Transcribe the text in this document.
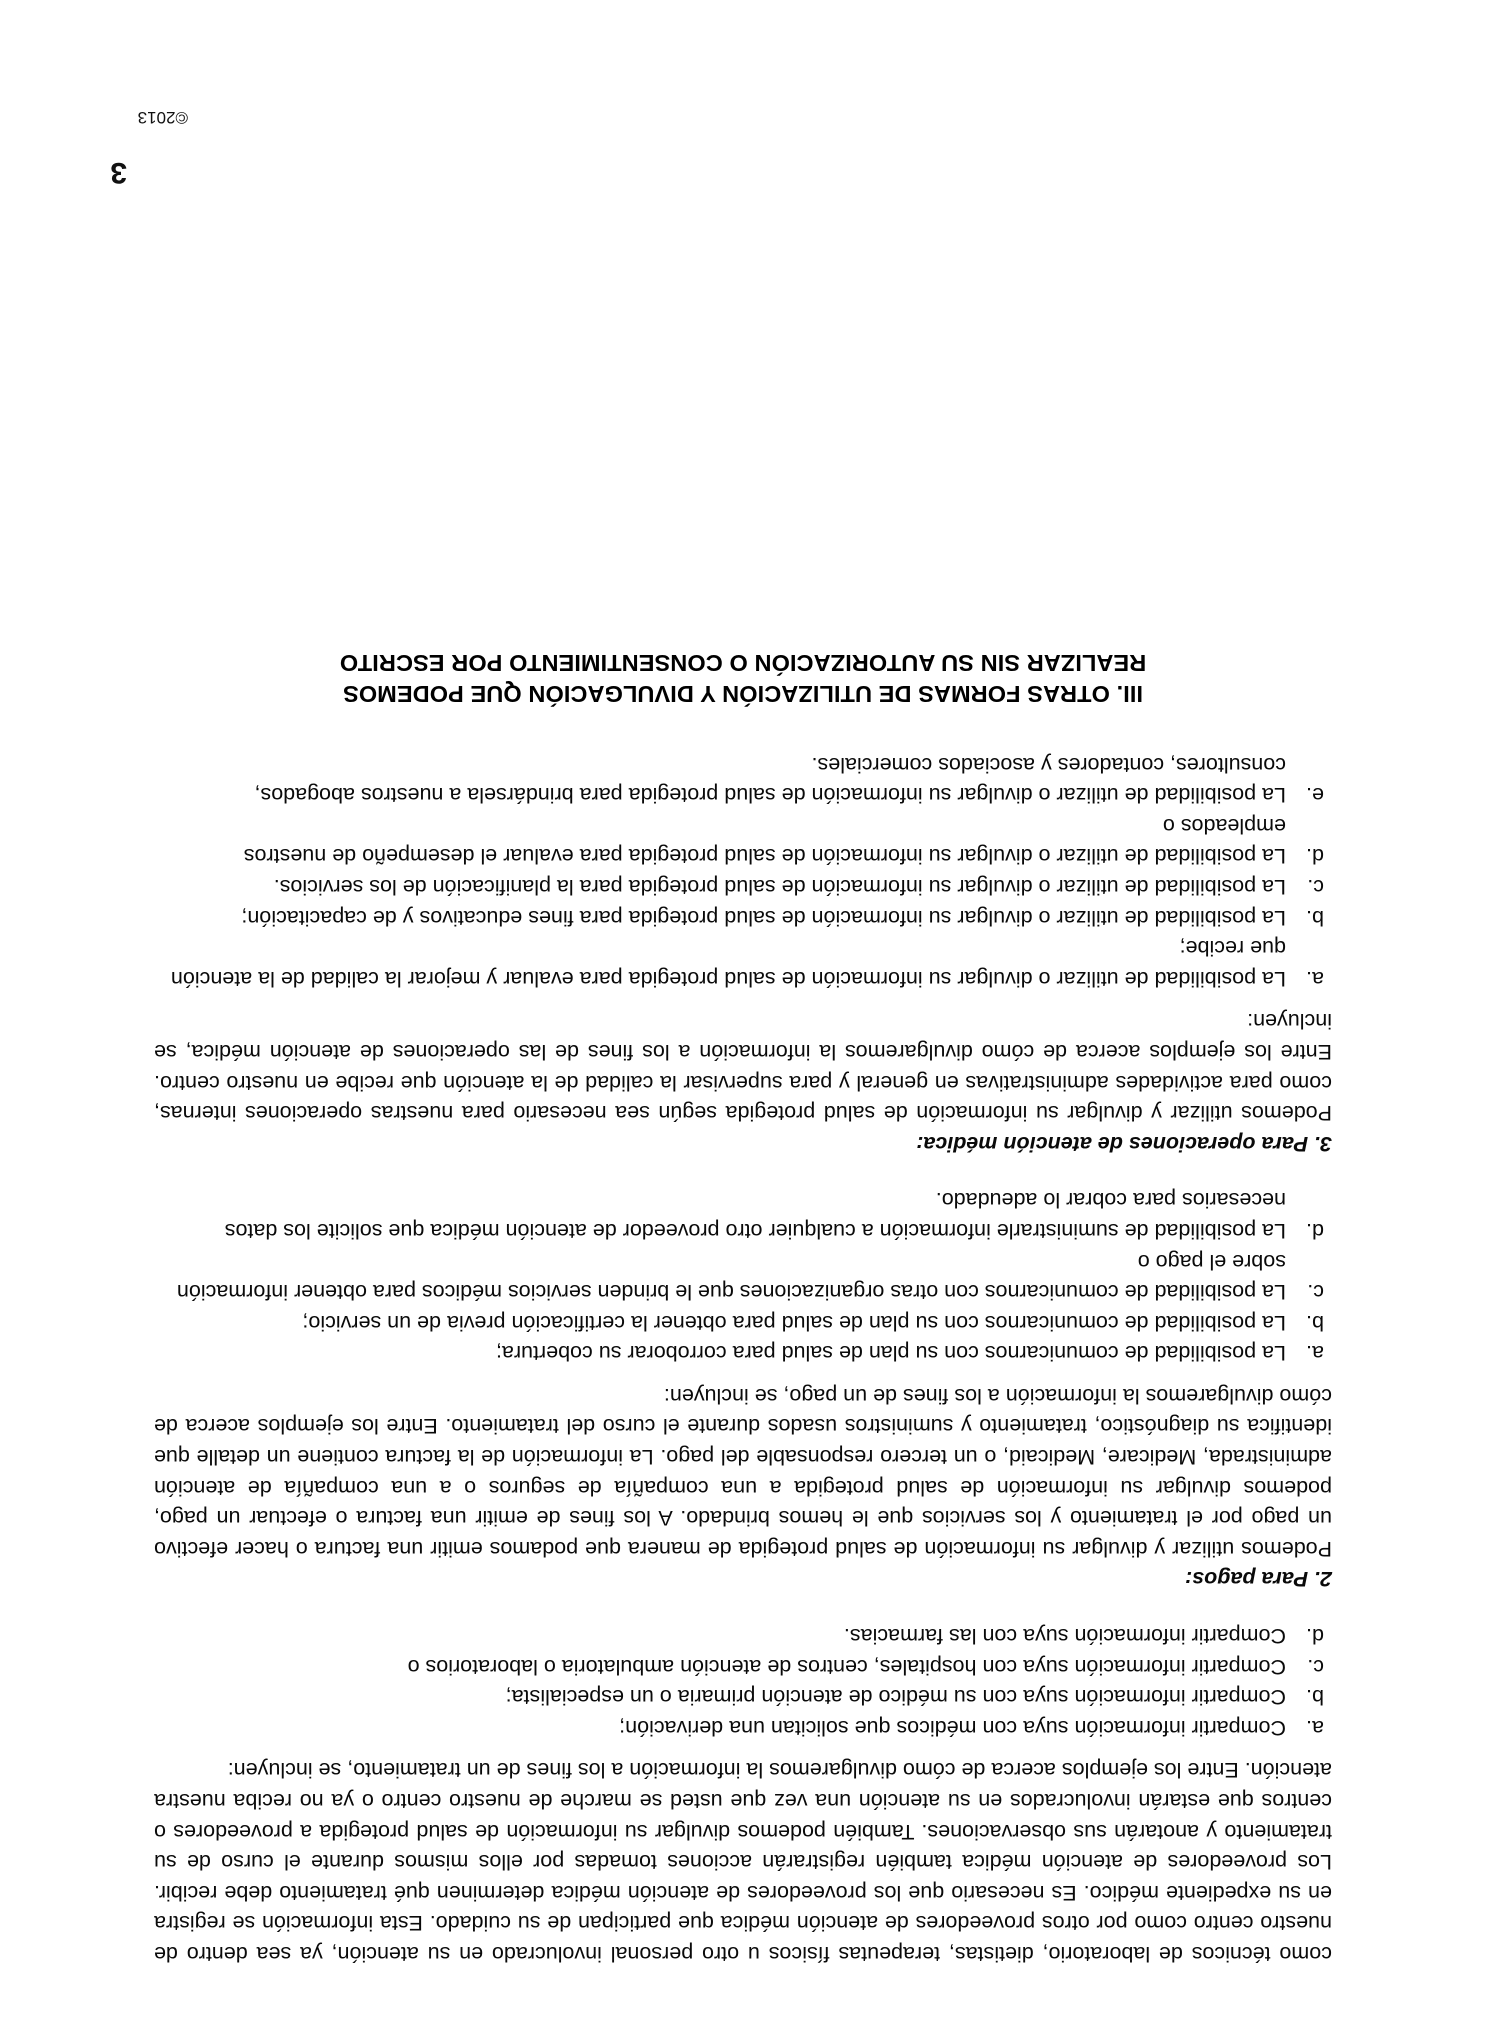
como técnicos de laboratorio, dietistas, terapeutas físicos u otro personal involucrado en su atención, ya sea dentro de nuestro centro como por otros proveedores de atención médica que participan de su cuidado. Esta información se registra en su expediente médico. Es necesario que los proveedores de atención médica determinen qué tratamiento debe recibir. Los proveedores de atención médica también registrarán acciones tomadas por ellos mismos durante el curso de su tratamiento y anotarán sus observaciones. También podemos divulgar su información de salud protegida a proveedores o centros que estarán involucrados en su atención una vez que usted se marche de nuestro centro o ya no reciba nuestra atención. Entre los ejemplos acerca de cómo divulgaremos la información a los fines de un tratamiento, se incluyen:

a.
Compartir información suya con médicos que solicitan una derivación;
b.
Compartir información suya con su médico de atención primaria o un especialista;
c.
Compartir información suya con hospitales, centros de atención ambulatoria o laboratorios o
d.
Compartir información suya con las farmacias.

2. Para pagos:

Podemos utilizar y divulgar su información de salud protegida de manera que podamos emitir una factura o hacer efectivo un pago por el tratamiento y los servicios que le hemos brindado. A los fines de emitir una factura o efectuar un pago, podemos divulgar su información de salud protegida a una compañía de seguros o a una compañía de atención administrada, Medicare, Medicaid, o un tercero responsable del pago. La información de la factura contiene un detalle que identifica su diagnóstico, tratamiento y suministros usados durante el curso del tratamiento. Entre los ejemplos acerca de cómo divulgaremos la información a los fines de un pago, se incluyen:

a.
La posibilidad de comunicarnos con su plan de salud para corroborar su cobertura;
b.
La posibilidad de comunicarnos con su plan de salud para obtener la certificación previa de un servicio;
c.
La posibilidad de comunicarnos con otras organizaciones que le brinden servicios médicos para obtener información sobre el pago o
d.
La posibilidad de suministrarle información a cualquier otro proveedor de atención médica que solicite los datos necesarios para cobrar lo adeudado.

3. Para operaciones de atención médica:

Podemos utilizar y divulgar su información de salud protegida según sea necesario para nuestras operaciones internas, como para actividades administrativas en general y para supervisar la calidad de la atención que recibe en nuestro centro. Entre los ejemplos acerca de cómo divulgaremos la información a los fines de las operaciones de atención médica, se incluyen:

a.
La posibilidad de utilizar o divulgar su información de salud protegida para evaluar y mejorar la calidad de la atención que recibe;
b.
La posibilidad de utilizar o divulgar su información de salud protegida para fines educativos y de capacitación;
c.
La posibilidad de utilizar o divulgar su información de salud protegida para la planificación de los servicios.
d.
La posibilidad de utilizar o divulgar su información de salud protegida para evaluar el desempeño de nuestros empleados o
e.
La posibilidad de utilizar o divulgar su información de salud protegida para brindársela a nuestros abogados, consultores, contadores y asociados comerciales.
III. OTRAS FORMAS DE UTILIZACIÓN Y DIVULGACIÓN QUE PODEMOS
REALIZAR SIN SU AUTORIZACIÓN O CONSENTIMIENTO POR ESCRITO
3
©2013
